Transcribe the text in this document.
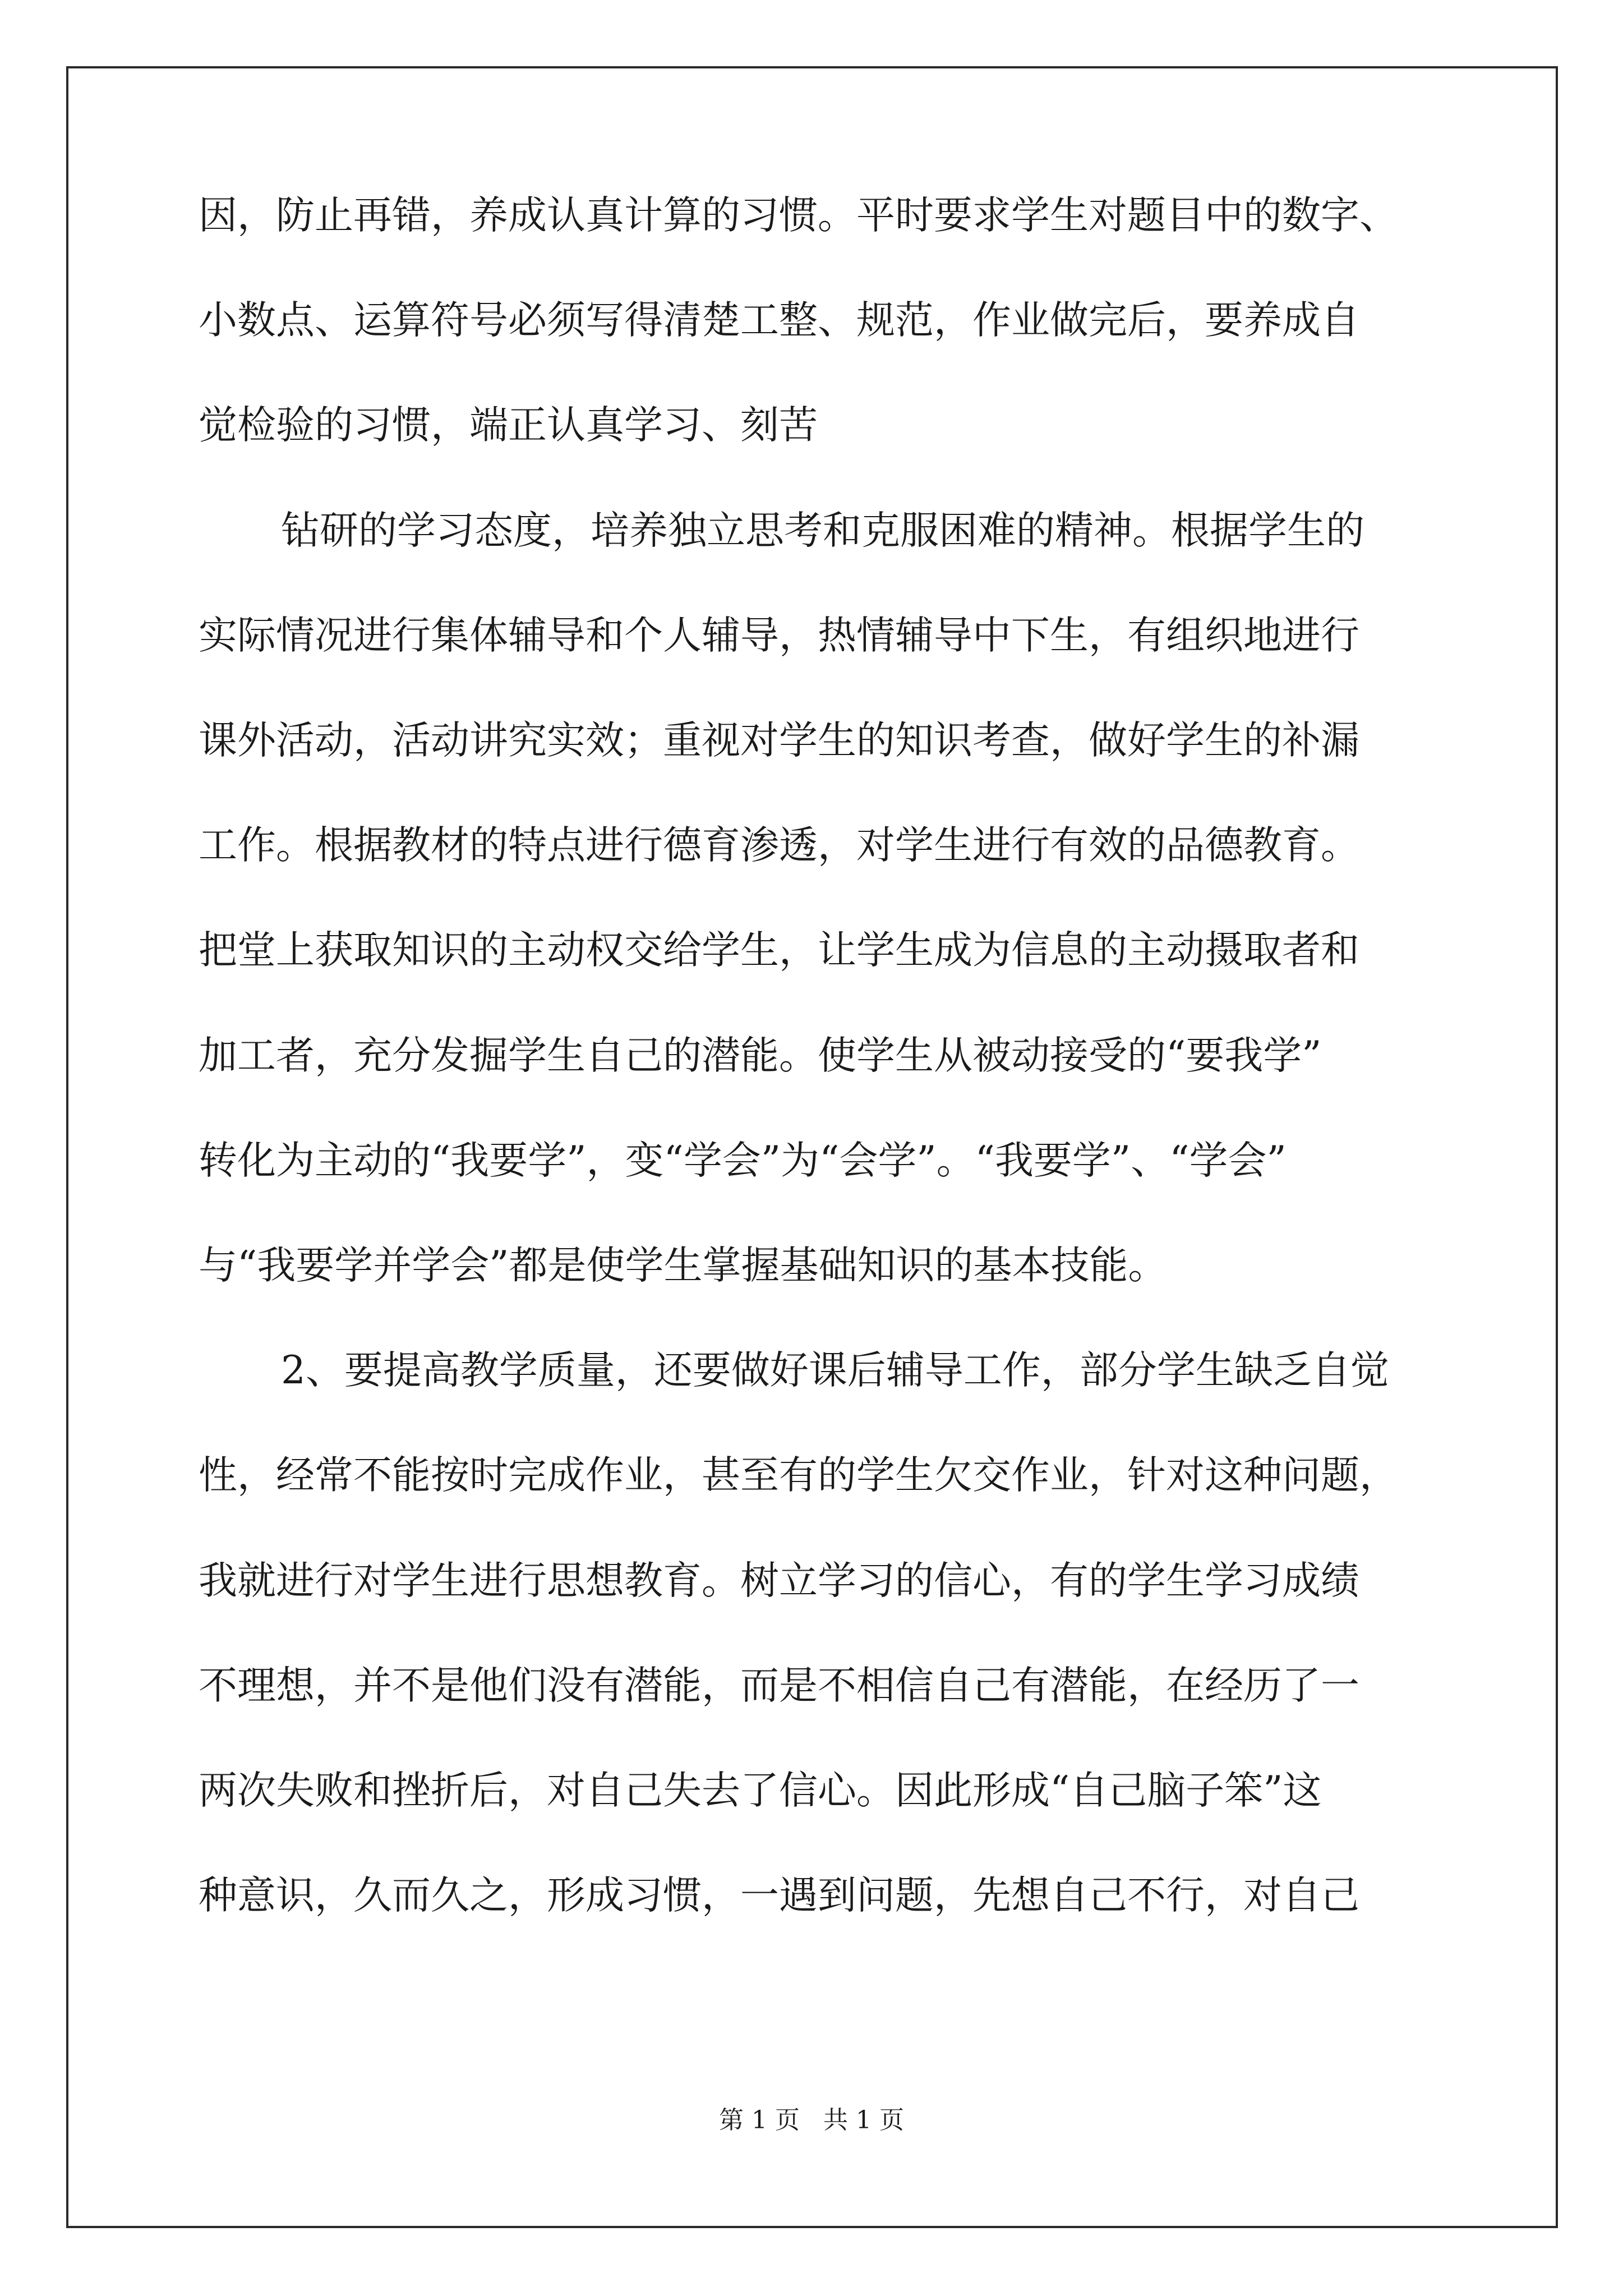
因，防止再错，养成认真计算的习惯。平时要求学生对题目中的数字、
小数点、运算符号必须写得清楚工整、规范，作业做完后，要养成自
觉检验的习惯，端正认真学习、刻苦
钻研的学习态度，培养独立思考和克服困难的精神。根据学生的
实际情况进行集体辅导和个人辅导，热情辅导中下生，有组织地进行
课外活动，活动讲究实效；重视对学生的知识考查，做好学生的补漏
工作。根据教材的特点进行德育渗透，对学生进行有效的品德教育。
把堂上获取知识的主动权交给学生，让学生成为信息的主动摄取者和
加工者，充分发掘学生自己的潜能。使学生从被动接受的“要我学”
转化为主动的“我要学”，变“学会”为“会学”。“我要学”、“学会”
与“我要学并学会”都是使学生掌握基础知识的基本技能。
2、要提高教学质量，还要做好课后辅导工作，部分学生缺乏自觉
性，经常不能按时完成作业，甚至有的学生欠交作业，针对这种问题，
我就进行对学生进行思想教育。树立学习的信心，有的学生学习成绩
不理想，并不是他们没有潜能，而是不相信自己有潜能，在经历了一
两次失败和挫折后，对自己失去了信心。因此形成“自己脑子笨”这
种意识，久而久之，形成习惯，一遇到问题，先想自己不行，对自己
第 1 页   共 1 页
